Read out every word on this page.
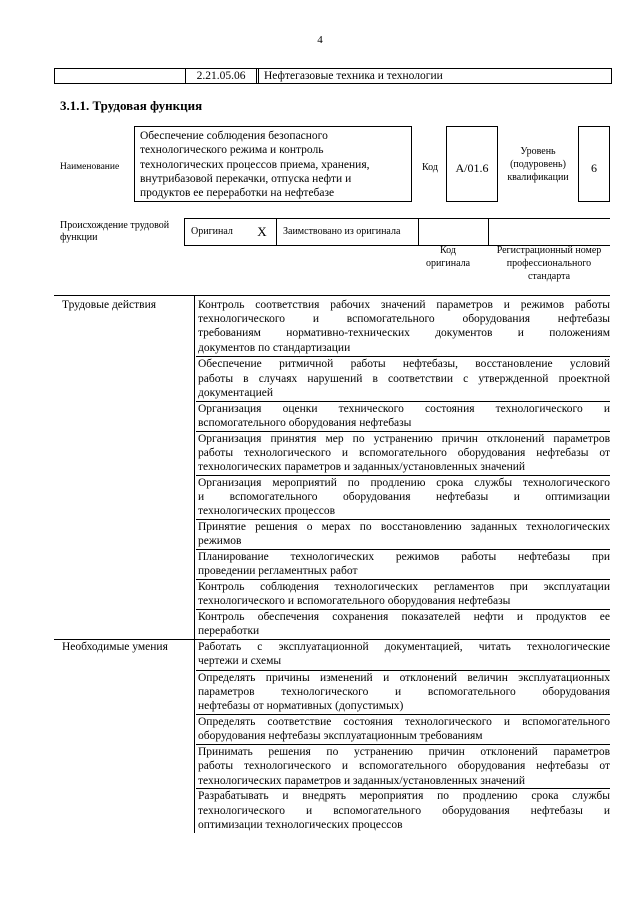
4
2.21.05.06	Нефтегазовые техника и технологии
3.1.1. Трудовая функция
Наименование
Обеспечение соблюдения безопасного
технологического режима и контроль
технологических процессов приема, хранения,
внутрибазовой перекачки, отпуска нефти и
продуктов ее переработки на нефтебазе
Код	A/01.6
Уровень
(подуровень)
квалификации
6
Происхождение трудовой
функции
Оригинал	X	Заимствовано из оригинала
Код
оригинала
Регистрационный номер
профессионального
стандарта
Трудовые действия	Контроль соответствия рабочих значений параметров и режимов работы
технологического и вспомогательного оборудования нефтебазы
требованиям нормативно-технических документов и положениям
документов по стандартизации
Обеспечение ритмичной работы нефтебазы, восстановление условий
работы в случаях нарушений в соответствии с утвержденной проектной
документацией
Организация оценки технического состояния технологического и
вспомогательного оборудования нефтебазы
Организация принятия мер по устранению причин отклонений параметров
работы технологического и вспомогательного оборудования нефтебазы от
технологических параметров и заданных/установленных значений
Организация мероприятий по продлению срока службы технологического
и вспомогательного оборудования нефтебазы и оптимизации
технологических процессов
Принятие решения о мерах по восстановлению заданных технологических
режимов
Планирование технологических режимов работы нефтебазы при
проведении регламентных работ
Контроль соблюдения технологических регламентов при эксплуатации
технологического и вспомогательного оборудования нефтебазы
Контроль обеспечения сохранения показателей нефти и продуктов ее
переработки
Необходимые умения	Работать с эксплуатационной документацией, читать технологические
чертежи и схемы
Определять причины изменений и отклонений величин эксплуатационных
параметров технологического и вспомогательного оборудования
нефтебазы от нормативных (допустимых)
Определять соответствие состояния технологического и вспомогательного
оборудования нефтебазы эксплуатационным требованиям
Принимать решения по устранению причин отклонений параметров
работы технологического и вспомогательного оборудования нефтебазы от
технологических параметров и заданных/установленных значений
Разрабатывать и внедрять мероприятия по продлению срока службы
технологического и вспомогательного оборудования нефтебазы и
оптимизации технологических процессов
